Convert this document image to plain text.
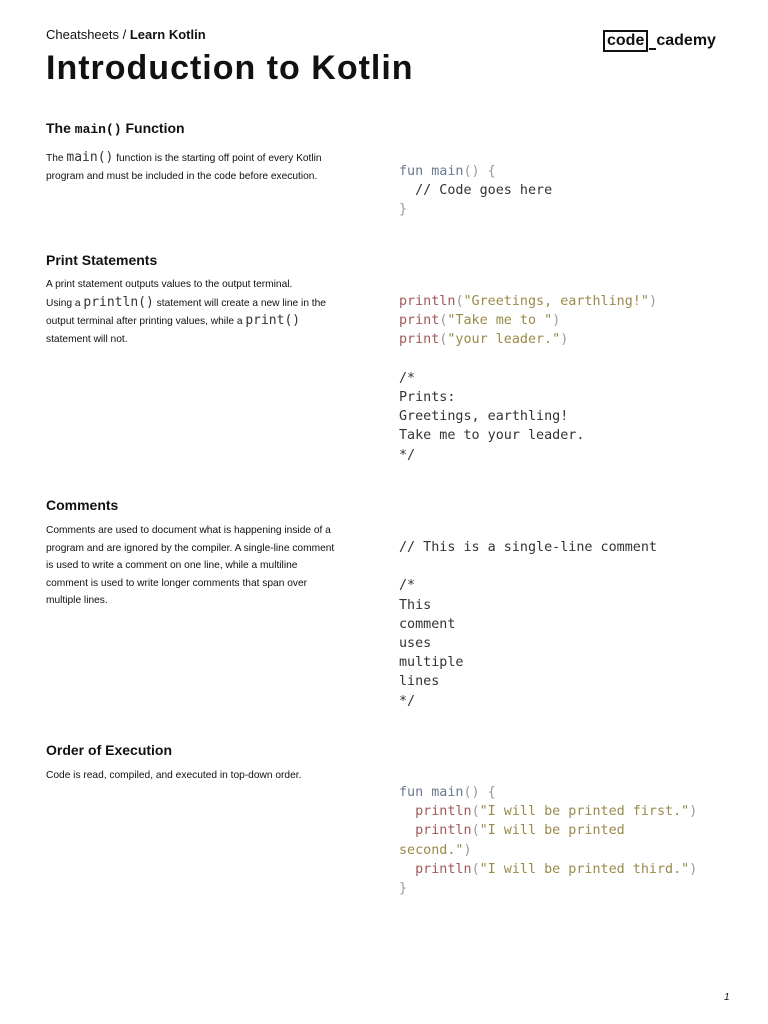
Cheatsheets / Learn Kotlin	code cademy
Introduction to Kotlin
The main() Function
The main() function is the starting off point of every Kotlin program and must be included in the code before execution.	fun main() {
// Code goes here
}
Print Statements
A print statement outputs values to the output terminal.
Using a println() statement will create a new line in the output terminal after printing values, while a print() statement will not.
println("Greetings, earthling!")
print("Take me to ")
print("your leader.")

/*
Prints:
Greetings, earthling!
Take me to your leader.
*/
Comments
Comments are used to document what is happening inside of a program and are ignored by the compiler. A single-line comment is used to write a comment on one line, while a multiline comment is used to write longer comments that span over multiple lines.
// This is a single-line comment

/*
This
comment
uses
multiple
lines
*/
Order of Execution
Code is read, compiled, and executed in top-down order.
fun main() {
println("I will be printed first.")
println("I will be printed
second.")
println("I will be printed third.")
}
1
